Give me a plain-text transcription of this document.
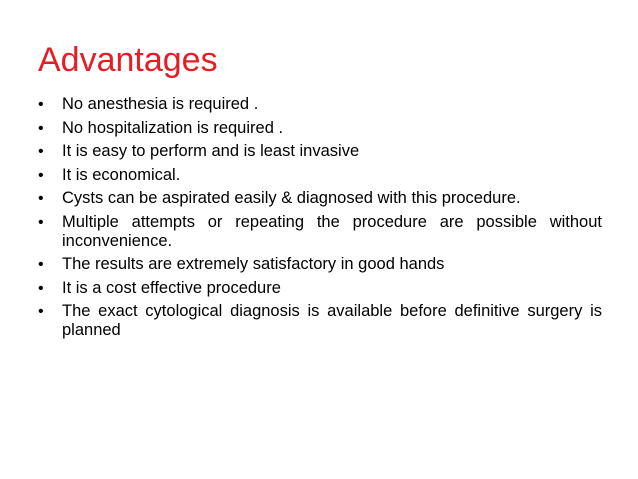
Advantages
•	No anesthesia is required .
•	No hospitalization is required .
•	It is easy to perform and is least invasive
•	It is economical.
•	Cysts can be aspirated easily & diagnosed with this procedure.
•	Multiple attempts or repeating the procedure are possible without inconvenience.
•	The results are extremely satisfactory in good hands
•	It is a cost effective procedure
•	The exact cytological diagnosis is available before definitive surgery is planned
